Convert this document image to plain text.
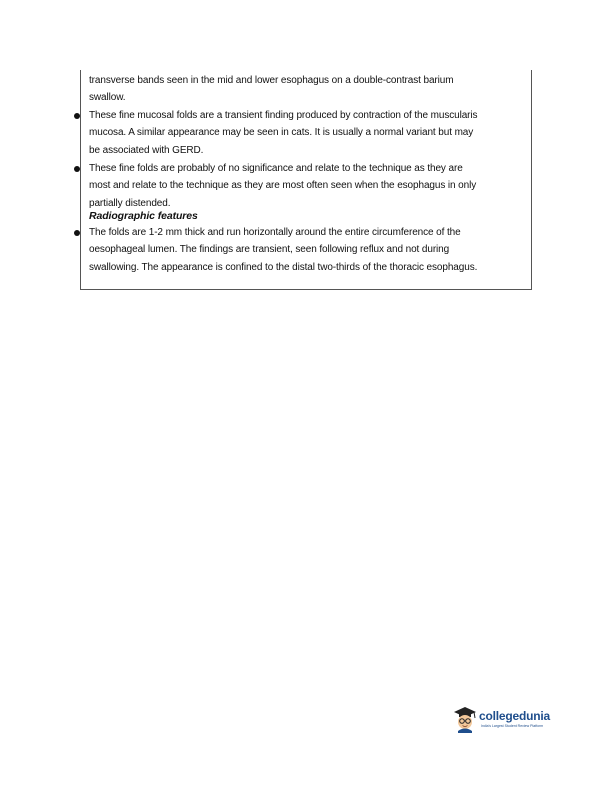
transverse bands seen in the mid and lower esophagus on a double-contrast barium
swallow.
These fine mucosal folds are a transient finding produced by contraction of the muscularis
mucosa. A similar appearance may be seen in cats. It is usually a normal variant but may
be associated with GERD.
These fine folds are probably of no significance and relate to the technique as they are
most and relate to the technique as they are most often seen when the esophagus in only
partially distended.
Radiographic features
The folds are 1-2 mm thick and run horizontally around the entire circumference of the
oesophageal lumen. The findings are transient, seen following reflux and not during
swallowing. The appearance is confined to the distal two-thirds of the thoracic esophagus.
collegedunia
India's Largest Student Review Platform
